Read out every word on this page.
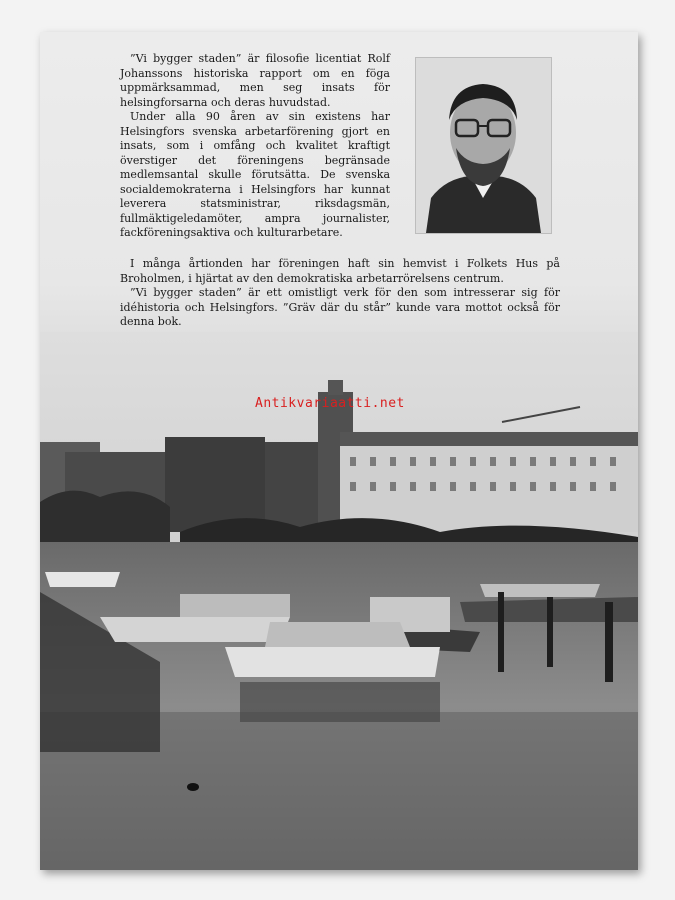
”Vi bygger staden” är filosofie licentiat Rolf Johanssons historiska rapport om en föga uppmärksammad, men seg insats för helsingforsarna och deras huvudstad.

Under alla 90 åren av sin existens har Helsingfors svenska arbetarförening gjort en insats, som i omfång och kvalitet kraftigt överstiger det föreningens begränsade medlemsantal skulle förutsätta. De svenska socialdemokraterna i Helsingfors har kunnat leverera statsministrar, riksdagsmän, fullmäktigeledamöter, ampra journalister, fackföreningsaktiva och kulturarbetare.

I många årtionden har föreningen haft sin hemvist i Folkets Hus på Broholmen, i hjärtat av den demokratiska arbetarrörelsens centrum.

”Vi bygger staden” är ett omistligt verk för den som intresserar sig för idéhistoria och Helsingfors. ”Gräv där du står” kunde vara mottot också för denna bok.

Antikvariaatti.net
